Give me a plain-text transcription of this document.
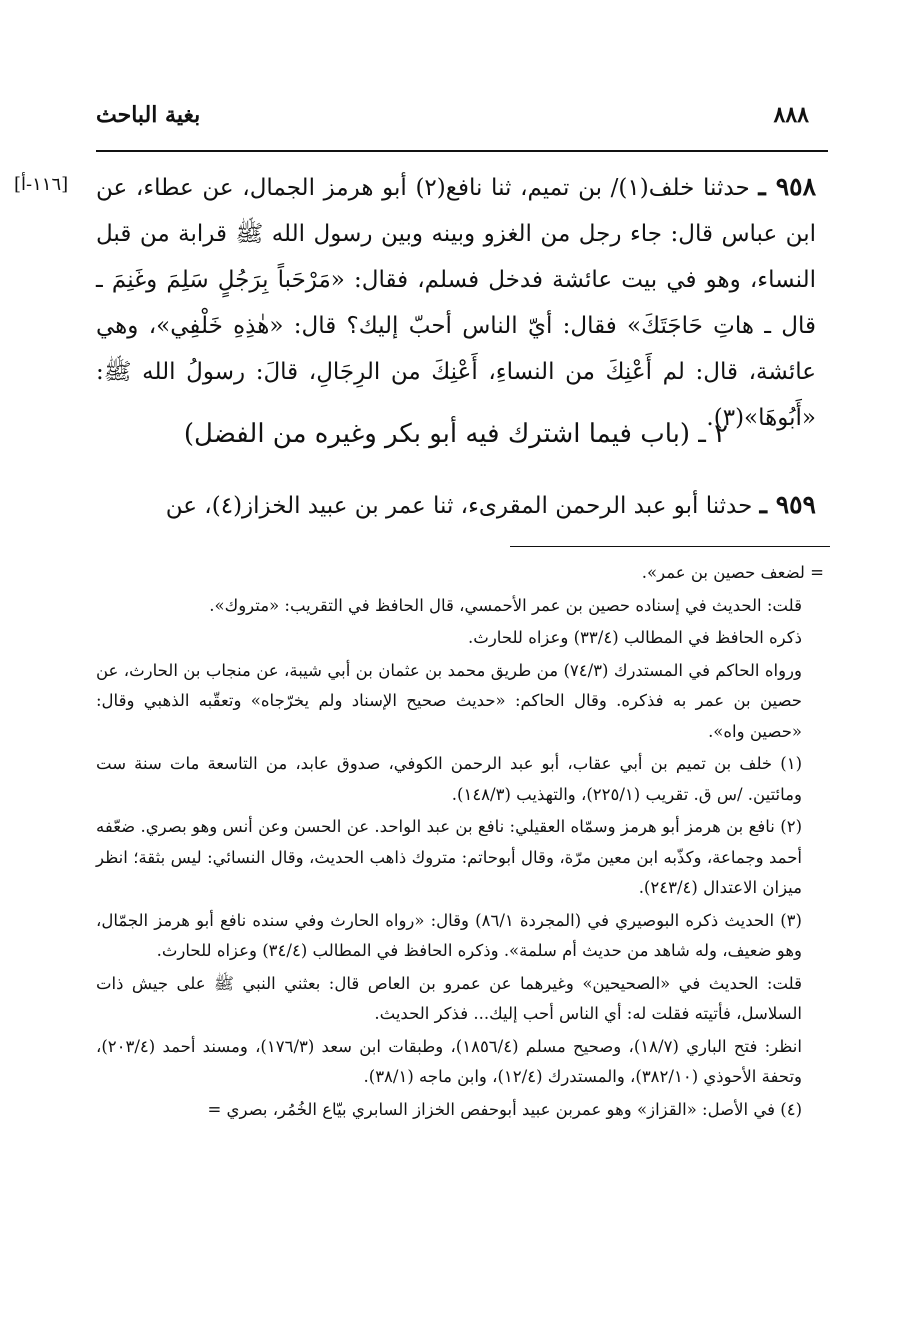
بغية الباحث	٨٨٨
[١١٦-أ]	٩٥٨ ـ حدثنا خلف(١)/ بن تميم، ثنا نافع(٢) أبو هرمز الجمال، عن عطاء، عن ابن عباس قال: جاء رجل من الغزو وبينه وبين رسول الله ﷺ قرابة من قبل النساء، وهو في بيت عائشة فدخل فسلم، فقال: «مَرْحَباً بِرَجُلٍ سَلِمَ وغَنِمَ ـ قال ـ هاتِ حَاجَتَكَ» فقال: أيّ الناس أحبّ إليك؟ قال: «هٰذِهِ خَلْفِي»، وهي عائشة، قال: لم أَعْنِكَ من النساءِ، أَعْنِكَ من الرِجَالِ، قالَ: رسولُ الله ﷺ: «أَبُوهَا»(٣).
٢ ـ (باب فيما اشترك فيه أبو بكر وغيره من الفضل)
٩٥٩ ـ حدثنا أبو عبد الرحمن المقرىء، ثنا عمر بن عبيد الخزاز(٤)، عن

= لضعف حصين بن عمر».

قلت: الحديث في إسناده حصين بن عمر الأحمسي، قال الحافظ في التقريب: «متروك».

ذكره الحافظ في المطالب (٣٣/٤) وعزاه للحارث.

ورواه الحاكم في المستدرك (٧٤/٣) من طريق محمد بن عثمان بن أبي شيبة، عن منجاب بن الحارث، عن حصين بن عمر به فذكره. وقال الحاكم: «حديث صحيح الإسناد ولم يخرّجاه» وتعقّبه الذهبي وقال: «حصين واه».

(١) خلف بن تميم بن أبي عقاب، أبو عبد الرحمن الكوفي، صدوق عابد، من التاسعة مات سنة ست ومائتين. /س ق. تقريب (٢٢٥/١)، والتهذيب (١٤٨/٣).

(٢) نافع بن هرمز أبو هرمز وسمّاه العقيلي: نافع بن عبد الواحد. عن الحسن وعن أنس وهو بصري. ضعّفه أحمد وجماعة، وكذّبه ابن معين مرّة، وقال أبوحاتم: متروك ذاهب الحديث، وقال النسائي: ليس بثقة؛ انظر ميزان الاعتدال (٢٤٣/٤).

(٣) الحديث ذكره البوصيري في (المجردة ٨٦/١) وقال: «رواه الحارث وفي سنده نافع أبو هرمز الجمّال، وهو ضعيف، وله شاهد من حديث أم سلمة». وذكره الحافظ في المطالب (٣٤/٤) وعزاه للحارث.

قلت: الحديث في «الصحيحين» وغيرهما عن عمرو بن العاص قال: بعثني النبي ﷺ على جيش ذات السلاسل، فأتيته فقلت له: أي الناس أحب إليك... فذكر الحديث.

انظر: فتح الباري (١٨/٧)، وصحيح مسلم (١٨٥٦/٤)، وطبقات ابن سعد (١٧٦/٣)، ومسند أحمد (٢٠٣/٤)، وتحفة الأحوذي (٣٨٢/١٠)، والمستدرك (١٢/٤)، وابن ماجه (٣٨/١).

(٤) في الأصل: «القزاز» وهو عمربن عبيد أبوحفص الخزاز السابري بيّاع الخُمُر، بصري =
